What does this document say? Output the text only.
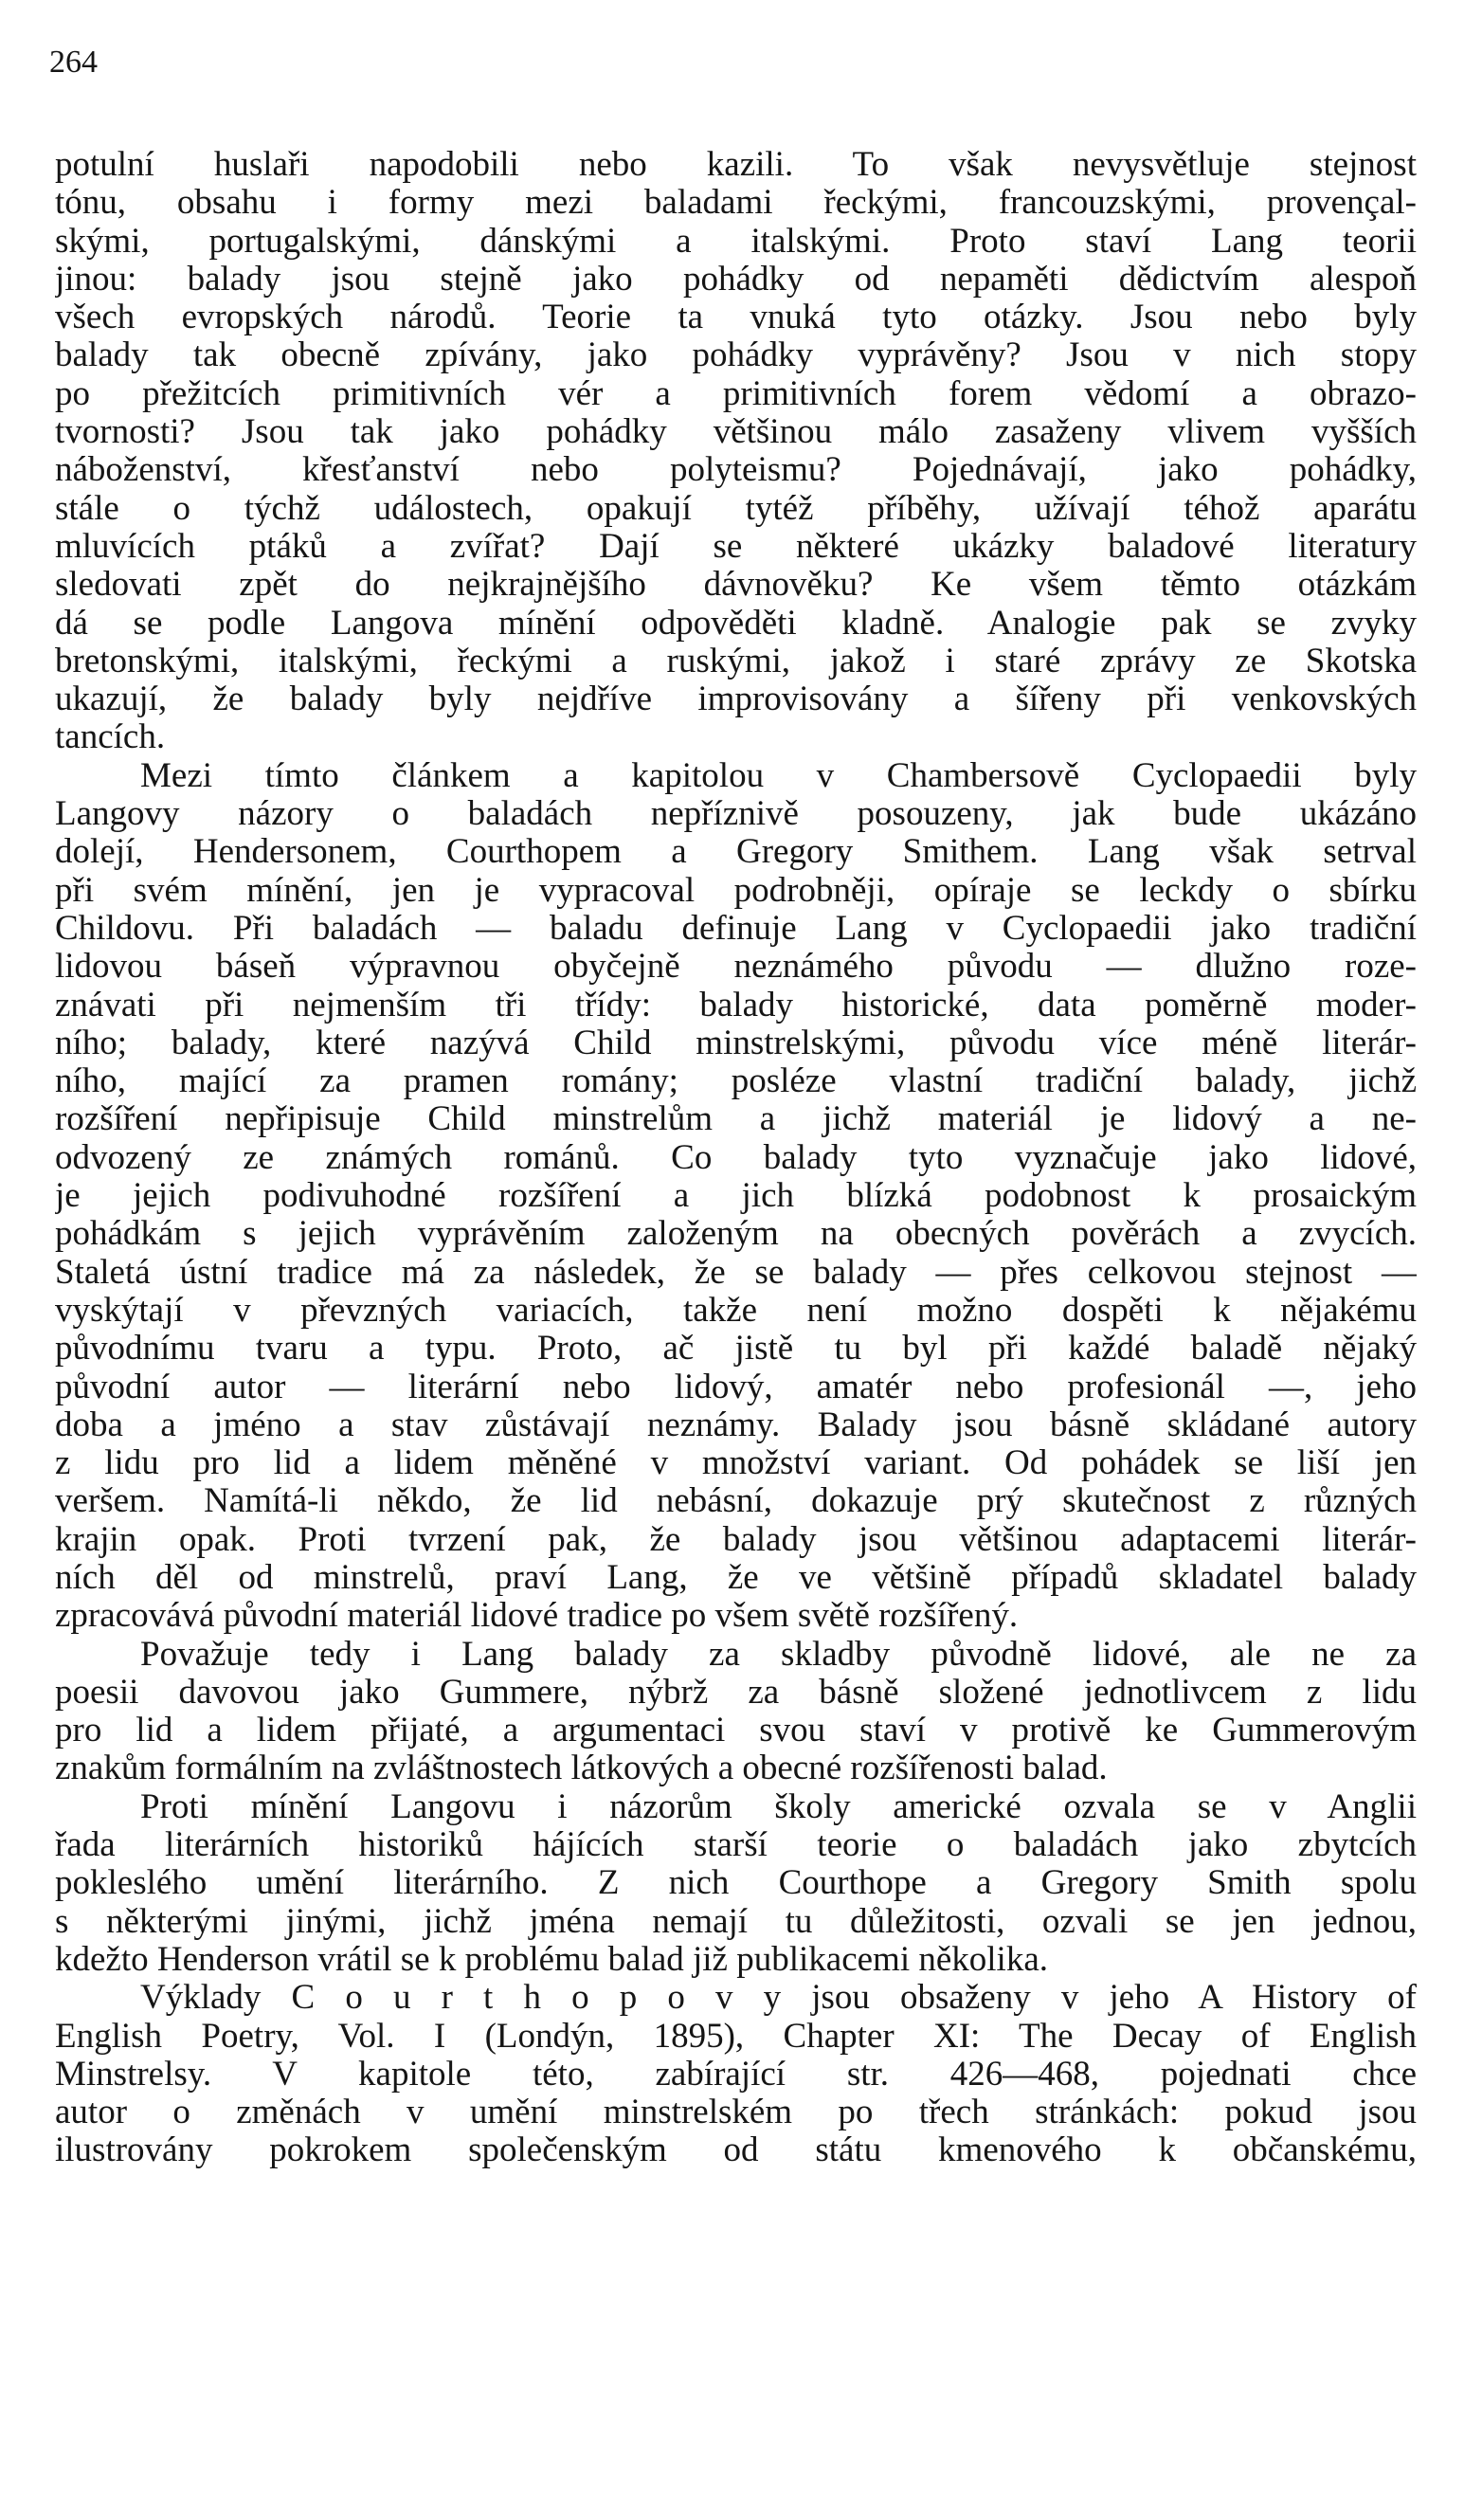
264
potulní huslaři napodobili nebo kazili. To však nevysvětluje stejnost
tónu, obsahu i formy mezi baladami řeckými, francouzskými, provençal-
skými, portugalskými, dánskými a italskými. Proto staví Lang teorii
jinou: balady jsou stejně jako pohádky od nepaměti dědictvím alespoň
všech evropských národů. Teorie ta vnuká tyto otázky. Jsou nebo byly
balady tak obecně zpívány, jako pohádky vyprávěny? Jsou v nich stopy
po přežitcích primitivních vér a primitivních forem vědomí a obrazo-
tvornosti? Jsou tak jako pohádky většinou málo zasaženy vlivem vyšších
náboženství, křesťanství nebo polyteismu? Pojednávají, jako pohádky,
stále o týchž událostech, opakují tytéž příběhy, užívají téhož aparátu
mluvících ptáků a zvířat? Dají se některé ukázky baladové literatury
sledovati zpět do nejkrajnějšího dávnověku? Ke všem těmto otázkám
dá se podle Langova mínění odpověděti kladně. Analogie pak se zvyky
bretonskými, italskými, řeckými a ruskými, jakož i staré zprávy ze Skotska
ukazují, že balady byly nejdříve improvisovány a šířeny při venkovských
tancích.
Mezi tímto článkem a kapitolou v Chambersově Cyclopaedii byly
Langovy názory o baladách nepříznivě posouzeny, jak bude ukázáno
dolejí, Hendersonem, Courthopem a Gregory Smithem. Lang však setrval
při svém mínění, jen je vypracoval podrobněji, opíraje se leckdy o sbírku
Childovu. Při baladách — baladu definuje Lang v Cyclopaedii jako tradiční
lidovou báseň výpravnou obyčejně neznámého původu — dlužno roze-
znávati při nejmenším tři třídy: balady historické, data poměrně moder-
ního; balady, které nazývá Child minstrelskými, původu více méně literár-
ního, mající za pramen romány; posléze vlastní tradiční balady, jichž
rozšíření nepřipisuje Child minstrelům a jichž materiál je lidový a ne-
odvozený ze známých románů. Co balady tyto vyznačuje jako lidové,
je jejich podivuhodné rozšíření a jich blízká podobnost k prosaickým
pohádkám s jejich vyprávěním založeným na obecných pověrách a zvycích.
Staletá ústní tradice má za následek, že se balady — přes celkovou stejnost —
vyskýtají v převzných variacích, takže není možno dospěti k nějakému
původnímu tvaru a typu. Proto, ač jistě tu byl při každé baladě nějaký
původní autor — literární nebo lidový, amatér nebo profesionál —, jeho
doba a jméno a stav zůstávají neznámy. Balady jsou básně skládané autory
z lidu pro lid a lidem měněné v množství variant. Od pohádek se liší jen
veršem. Namítá-li někdo, že lid nebásní, dokazuje prý skutečnost z různých
krajin opak. Proti tvrzení pak, že balady jsou většinou adaptacemi literár-
ních děl od minstrelů, praví Lang, že ve většině případů skladatel balady
zpracovává původní materiál lidové tradice po všem světě rozšířený.
Považuje tedy i Lang balady za skladby původně lidové, ale ne za
poesii davovou jako Gummere, nýbrž za básně složené jednotlivcem z lidu
pro lid a lidem přijaté, a argumentaci svou staví v protivě ke Gummerovým
znakům formálním na zvláštnostech látkových a obecné rozšířenosti balad.
Proti mínění Langovu i názorům školy americké ozvala se v Anglii
řada literárních historiků hájících starší teorie o baladách jako zbytcích
pokleslého umění literárního. Z nich Courthope a Gregory Smith spolu
s některými jinými, jichž jména nemají tu důležitosti, ozvali se jen jednou,
kdežto Henderson vrátil se k problému balad již publikacemi několika.
Výklady C o u r t h o p o v y jsou obsaženy v jeho A History of
English Poetry, Vol. I (Londýn, 1895), Chapter XI: The Decay of English
Minstrelsy. V kapitole této, zabírající str. 426—468, pojednati chce
autor o změnách v umění minstrelském po třech stránkách: pokud jsou
ilustrovány pokrokem společenským od státu kmenového k občanskému,
